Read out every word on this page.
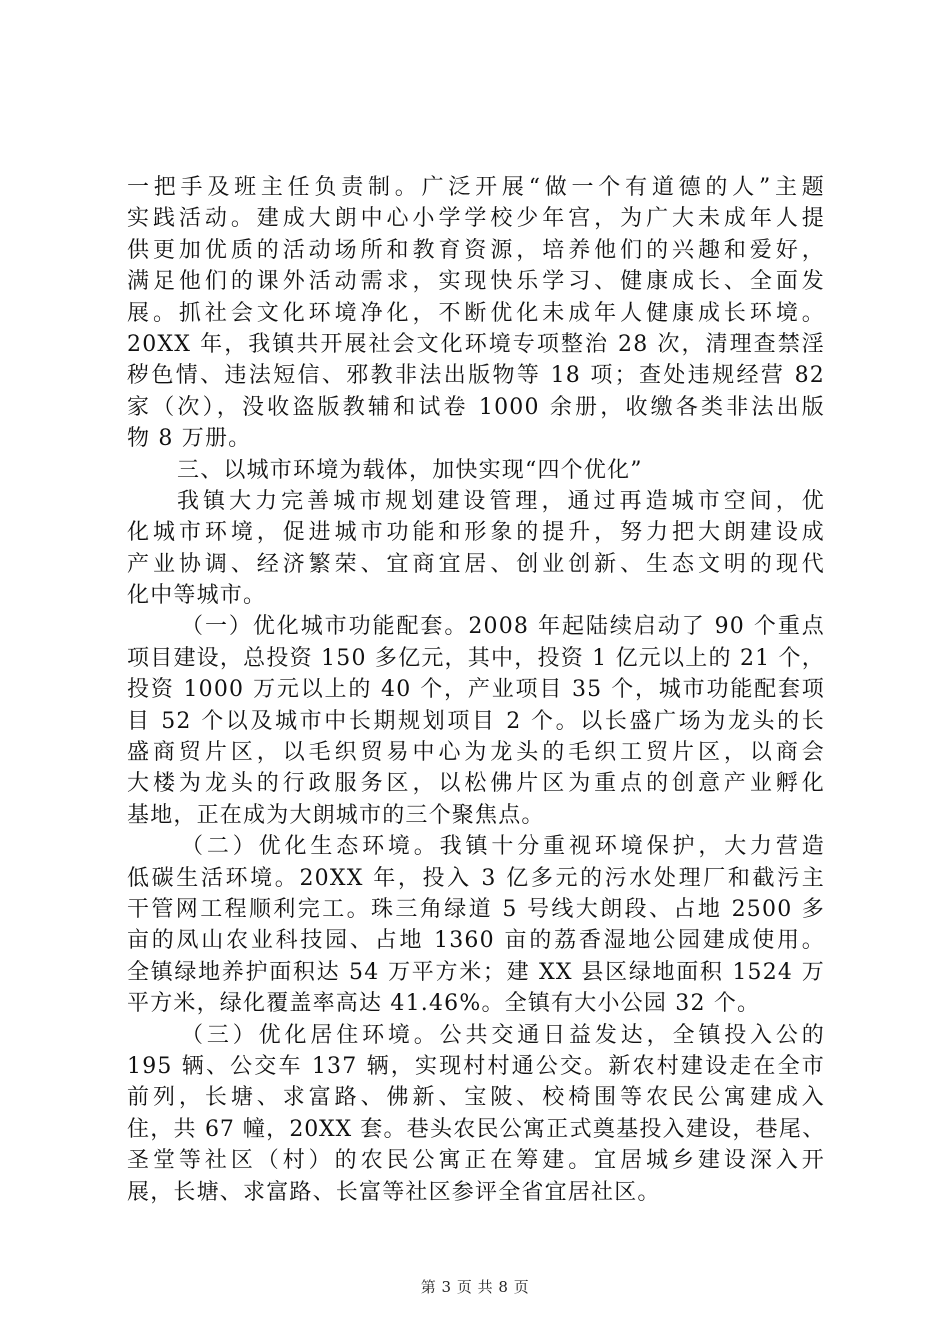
一把手及班主任负责制。广泛开展“做一个有道德的人”主题
实践活动。建成大朗中心小学学校少年宫，为广大未成年人提
供更加优质的活动场所和教育资源，培养他们的兴趣和爱好，
满足他们的课外活动需求，实现快乐学习、健康成长、全面发
展。抓社会文化环境净化，不断优化未成年人健康成长环境。
20XX 年，我镇共开展社会文化环境专项整治 28 次，清理查禁淫
秽色情、违法短信、邪教非法出版物等 18 项；查处违规经营 82
家（次），没收盗版教辅和试卷 1000 余册，收缴各类非法出版
物 8 万册。
三、以城市环境为载体，加快实现“四个优化”
我镇大力完善城市规划建设管理，通过再造城市空间，优
化城市环境，促进城市功能和形象的提升，努力把大朗建设成
产业协调、经济繁荣、宜商宜居、创业创新、生态文明的现代
化中等城市。
（一）优化城市功能配套。2008 年起陆续启动了 90 个重点
项目建设，总投资 150 多亿元，其中，投资 1 亿元以上的 21 个，
投资 1000 万元以上的 40 个，产业项目 35 个，城市功能配套项
目 52 个以及城市中长期规划项目 2 个。以长盛广场为龙头的长
盛商贸片区，以毛织贸易中心为龙头的毛织工贸片区，以商会
大楼为龙头的行政服务区，以松佛片区为重点的创意产业孵化
基地，正在成为大朗城市的三个聚焦点。
（二）优化生态环境。我镇十分重视环境保护，大力营造
低碳生活环境。20XX 年，投入 3 亿多元的污水处理厂和截污主
干管网工程顺利完工。珠三角绿道 5 号线大朗段、占地 2500 多
亩的凤山农业科技园、占地 1360 亩的荔香湿地公园建成使用。
全镇绿地养护面积达 54 万平方米；建 XX 县区绿地面积 1524 万
平方米，绿化覆盖率高达 41.46%。全镇有大小公园 32 个。
（三）优化居住环境。公共交通日益发达，全镇投入公的
195 辆、公交车 137 辆，实现村村通公交。新农村建设走在全市
前列，长塘、求富路、佛新、宝陂、校椅围等农民公寓建成入
住，共 67 幢，20XX 套。巷头农民公寓正式奠基投入建设，巷尾、
圣堂等社区（村）的农民公寓正在筹建。宜居城乡建设深入开
展，长塘、求富路、长富等社区参评全省宜居社区。
第 3 页 共 8 页
